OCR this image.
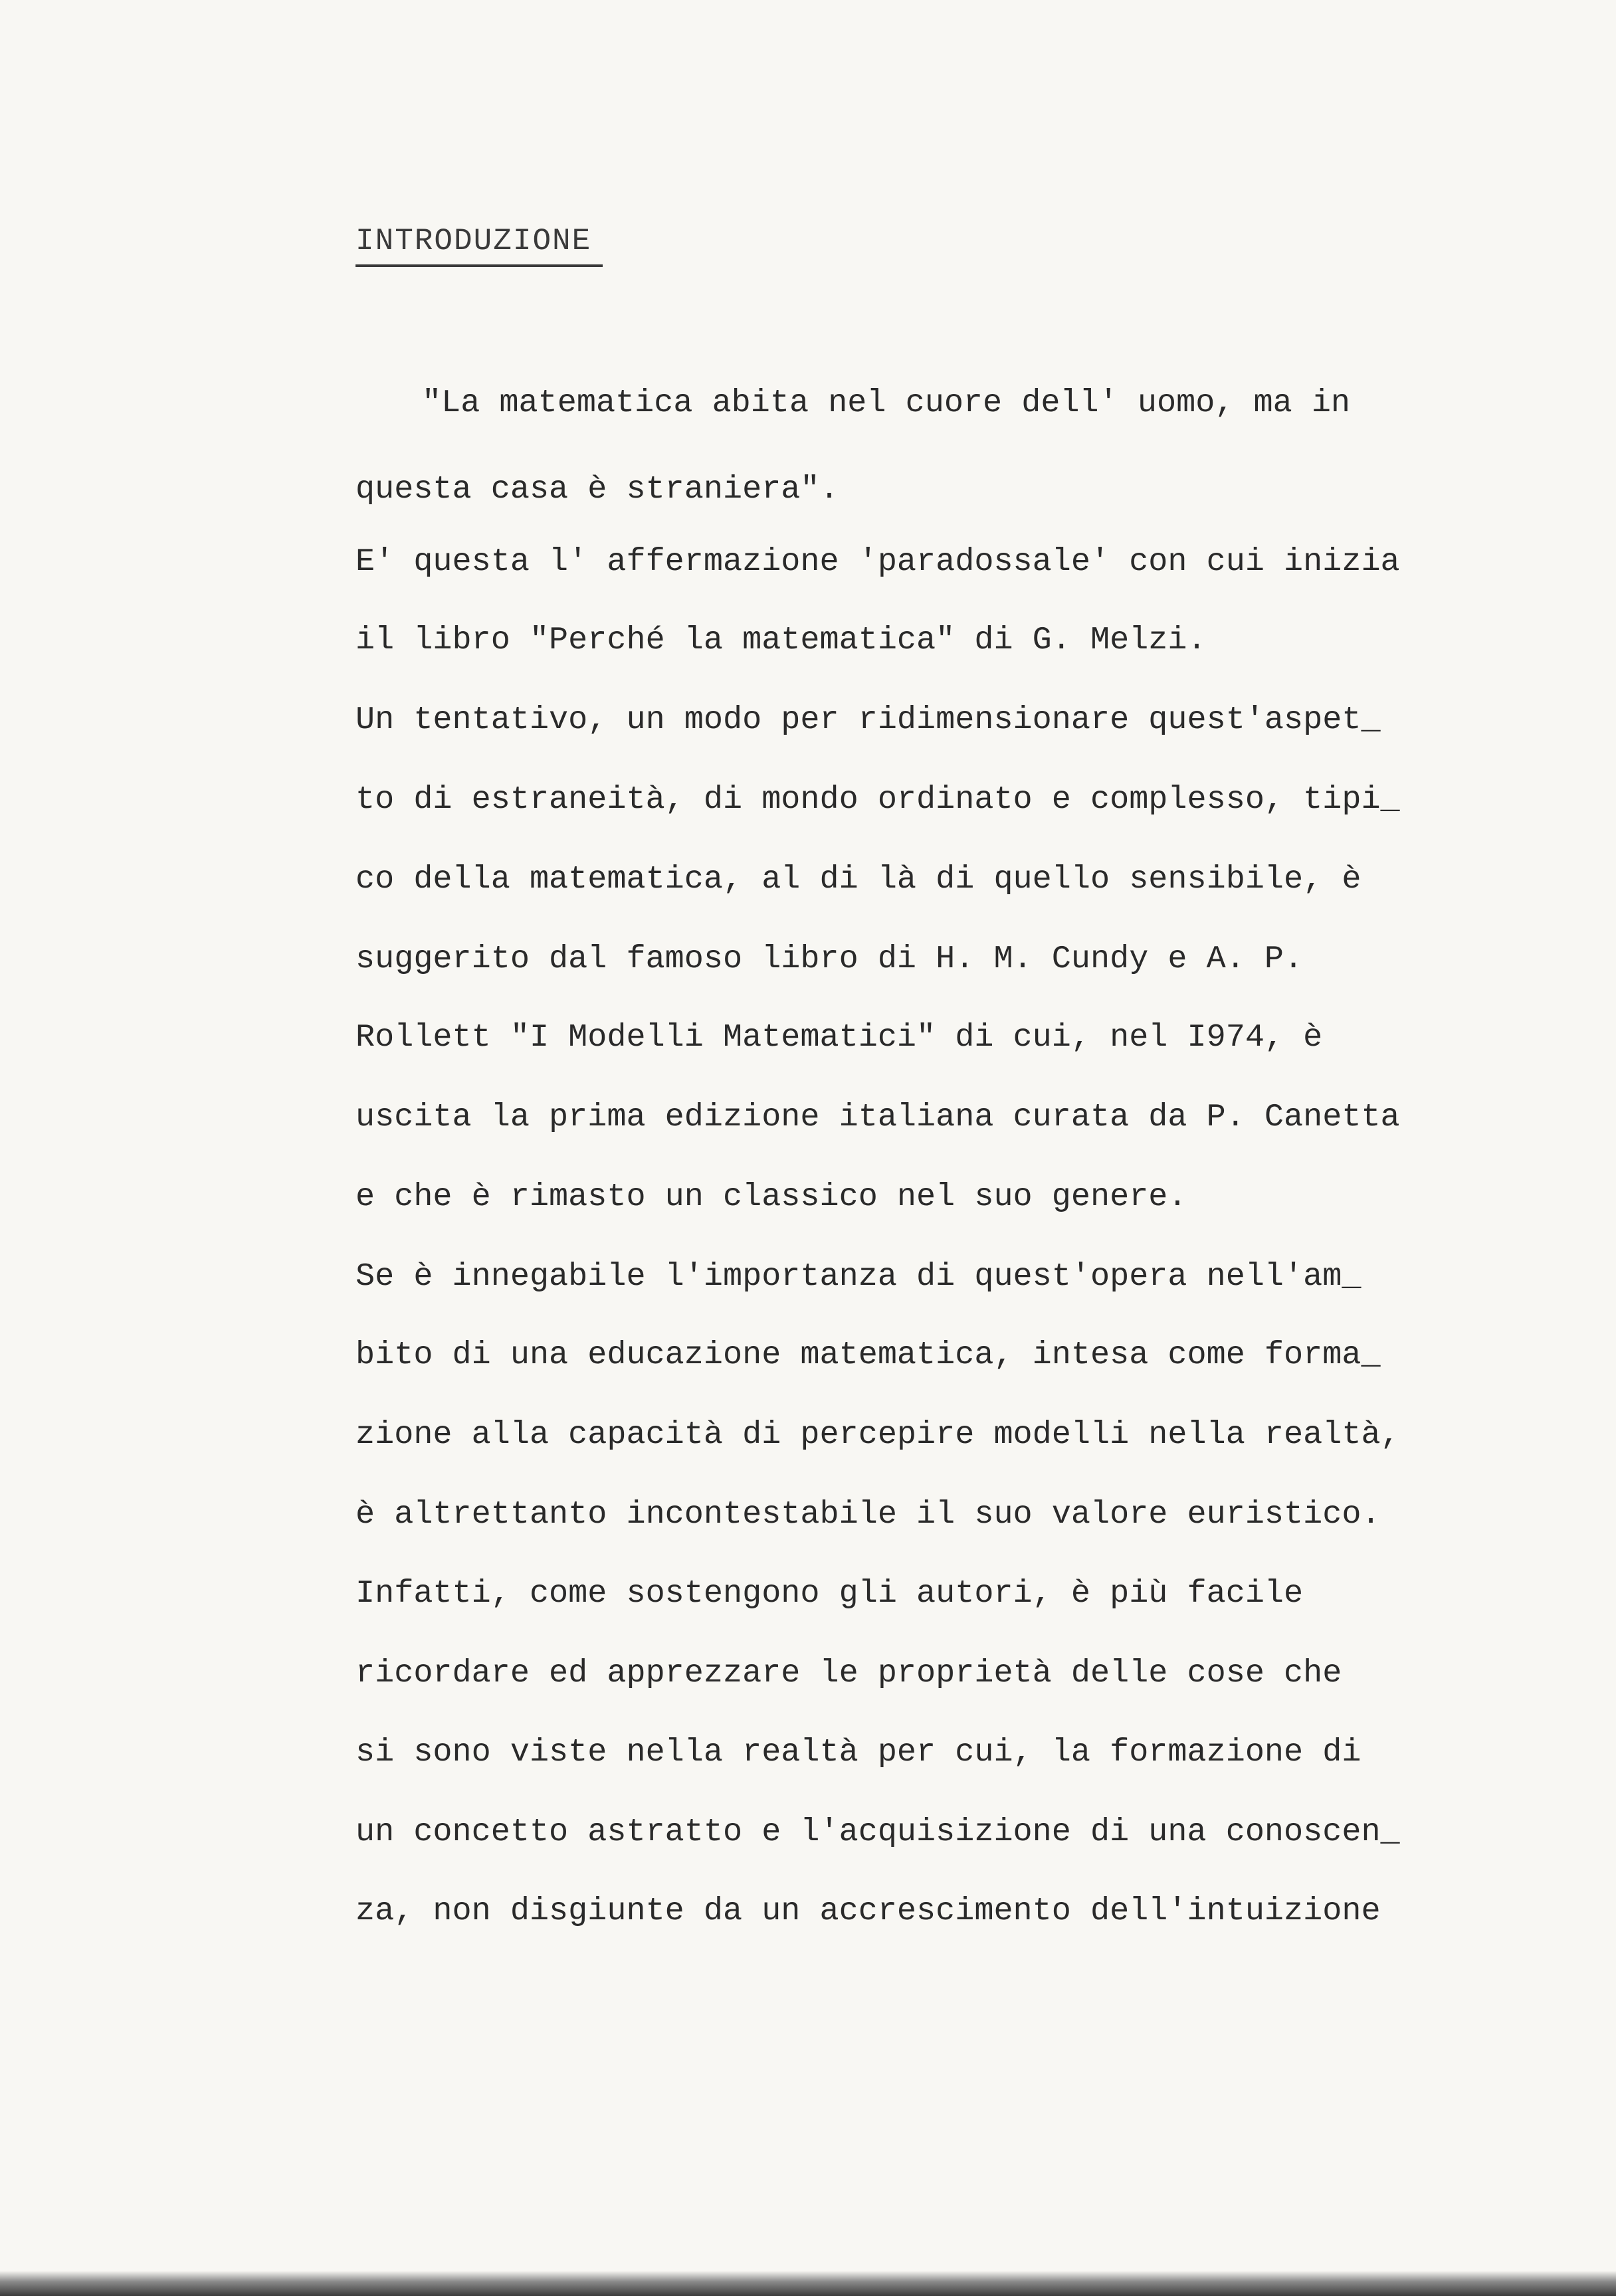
INTRODUZIONE
"La matematica abita nel cuore dell' uomo, ma in
questa casa è straniera".
E' questa l' affermazione 'paradossale' con cui inizia
il libro "Perché la matematica" di G. Melzi.
Un tentativo, un modo per ridimensionare quest'aspet_
to di estraneità, di mondo ordinato e complesso, tipi_
co della matematica, al di là di quello sensibile, è
suggerito dal famoso libro di H. M. Cundy e A. P.
Rollett "I Modelli Matematici" di cui, nel I974, è
uscita la prima edizione italiana curata da P. Canetta
e che è rimasto un classico nel suo genere.
Se è innegabile l'importanza di quest'opera nell'am_
bito di una educazione matematica, intesa come forma_
zione alla capacità di percepire modelli nella realtà,
è altrettanto incontestabile il suo valore euristico.
Infatti, come sostengono gli autori, è più facile
ricordare ed apprezzare le proprietà delle cose che
si sono viste nella realtà per cui, la formazione di
un concetto astratto e l'acquisizione di una conoscen_
za, non disgiunte da un accrescimento dell'intuizione
